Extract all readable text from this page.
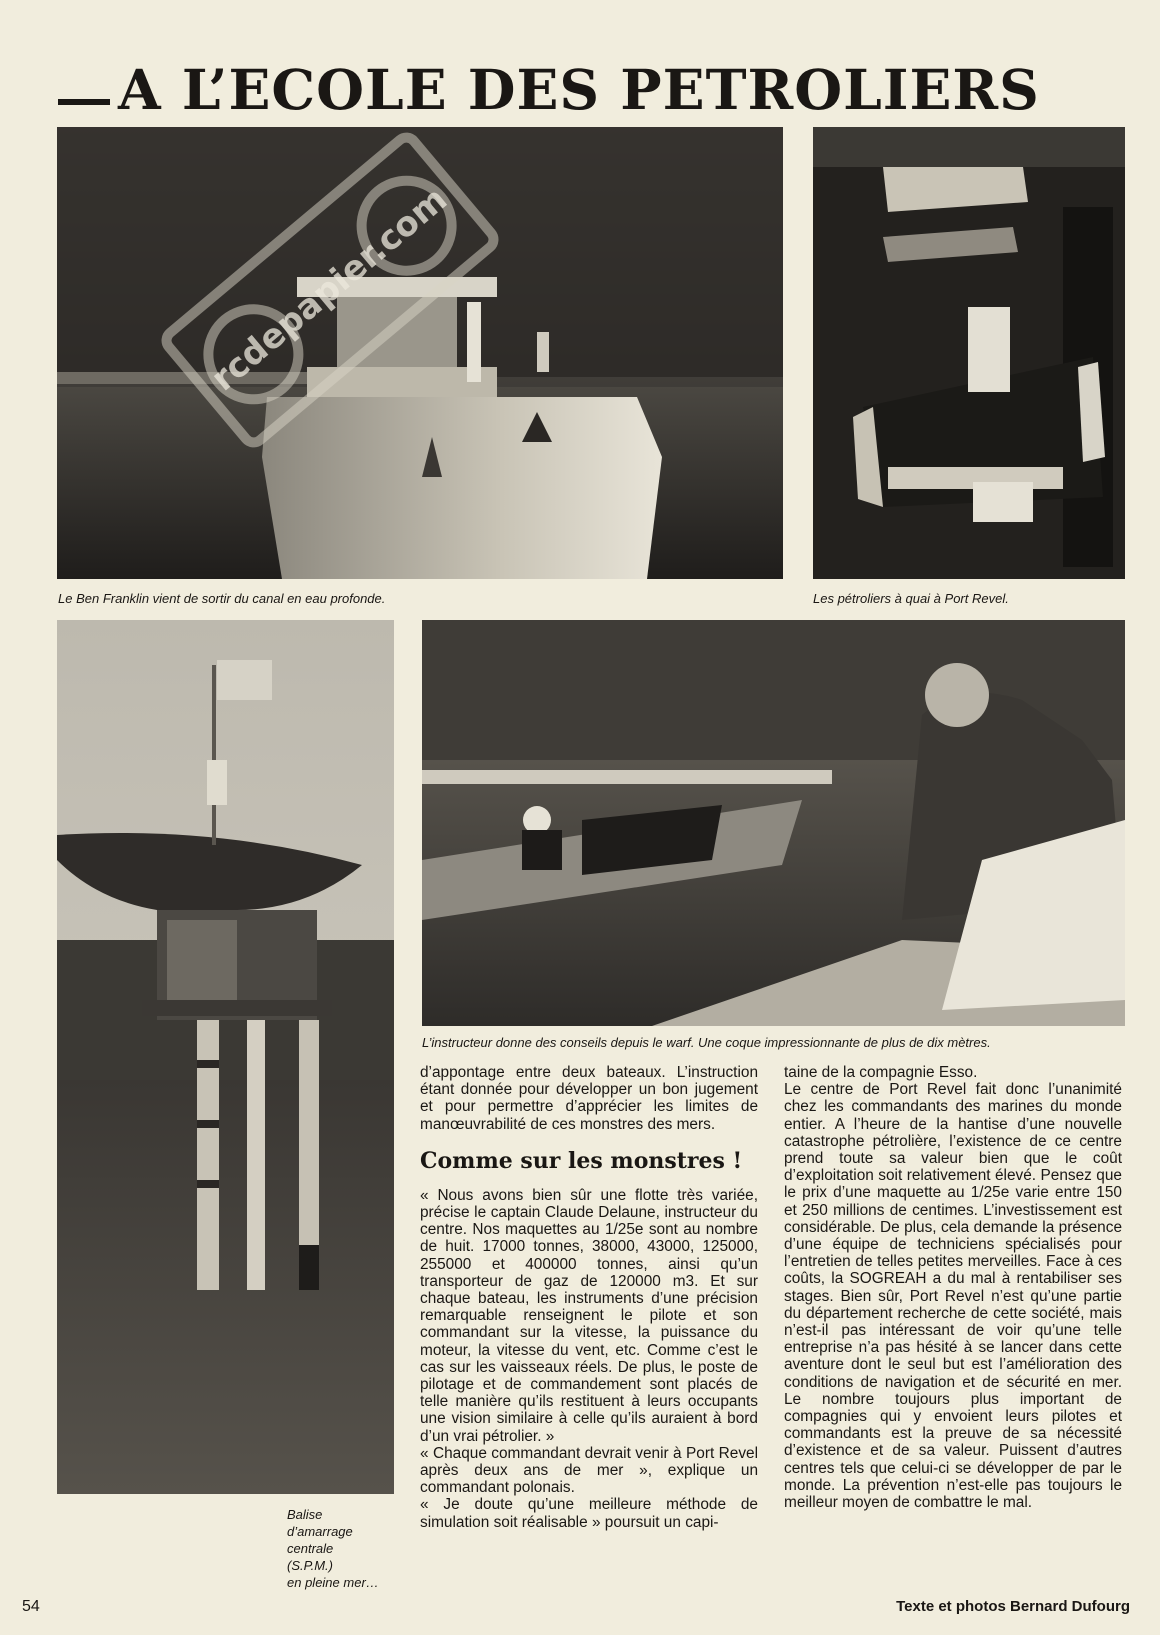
A L’ECOLE DES PETROLIERS
Le Ben Franklin vient de sortir du canal en eau profonde.	Les pétroliers à quai à Port Revel.
L’instructeur donne des conseils depuis le warf. Une coque impressionnante de plus de dix mètres.
Balise
d’amarrage
centrale
(S.P.M.)
en pleine mer…

d’appontage entre deux bateaux. L’instruction étant donnée pour développer un bon jugement et pour permettre d’apprécier les limites de manœuvrabilité de ces monstres des mers.

Comme sur les monstres !

« Nous avons bien sûr une flotte très variée, précise le captain Claude Delaune, instructeur du centre. Nos maquettes au 1/25e sont au nombre de huit. 17000 tonnes, 38000, 43000, 125000, 255000 et 400000 tonnes, ainsi qu’un transporteur de gaz de 120000 m3. Et sur chaque bateau, les instruments d’une précision remarquable renseignent le pilote et son commandant sur la vitesse, la puissance du moteur, la vitesse du vent, etc. Comme c’est le cas sur les vaisseaux réels. De plus, le poste de pilotage et de commandement sont placés de telle manière qu’ils restituent à leurs occupants une vision similaire à celle qu’ils auraient à bord d’un vrai pétrolier. »

« Chaque commandant devrait venir à Port Revel après deux ans de mer », explique un commandant polonais.

« Je doute qu’une meilleure méthode de simulation soit réalisable » poursuit un capi-

taine de la compagnie Esso.

Le centre de Port Revel fait donc l’unanimité chez les commandants des marines du monde entier. A l’heure de la hantise d’une nouvelle catastrophe pétrolière, l’existence de ce centre prend toute sa valeur bien que le coût d’exploitation soit relativement élevé. Pensez que le prix d’une maquette au 1/25e varie entre 150 et 250 millions de centimes. L’investissement est considérable. De plus, cela demande la présence d’une équipe de techniciens spécialisés pour l’entretien de telles petites merveilles. Face à ces coûts, la SOGREAH a du mal à rentabiliser ses stages. Bien sûr, Port Revel n’est qu’une partie du département recherche de cette société, mais n’est-il pas intéressant de voir qu’une telle entreprise n’a pas hésité à se lancer dans cette aventure dont le seul but est l’amélioration des conditions de navigation et de sécurité en mer. Le nombre toujours plus important de compagnies qui y envoient leurs pilotes et commandants est la preuve de sa nécessité d’existence et de sa valeur. Puissent d’autres centres tels que celui-ci se développer de par le monde. La prévention n’est-elle pas toujours le meilleur moyen de combattre le mal.

54	Texte et photos Bernard Dufourg
rcdepapier.com
